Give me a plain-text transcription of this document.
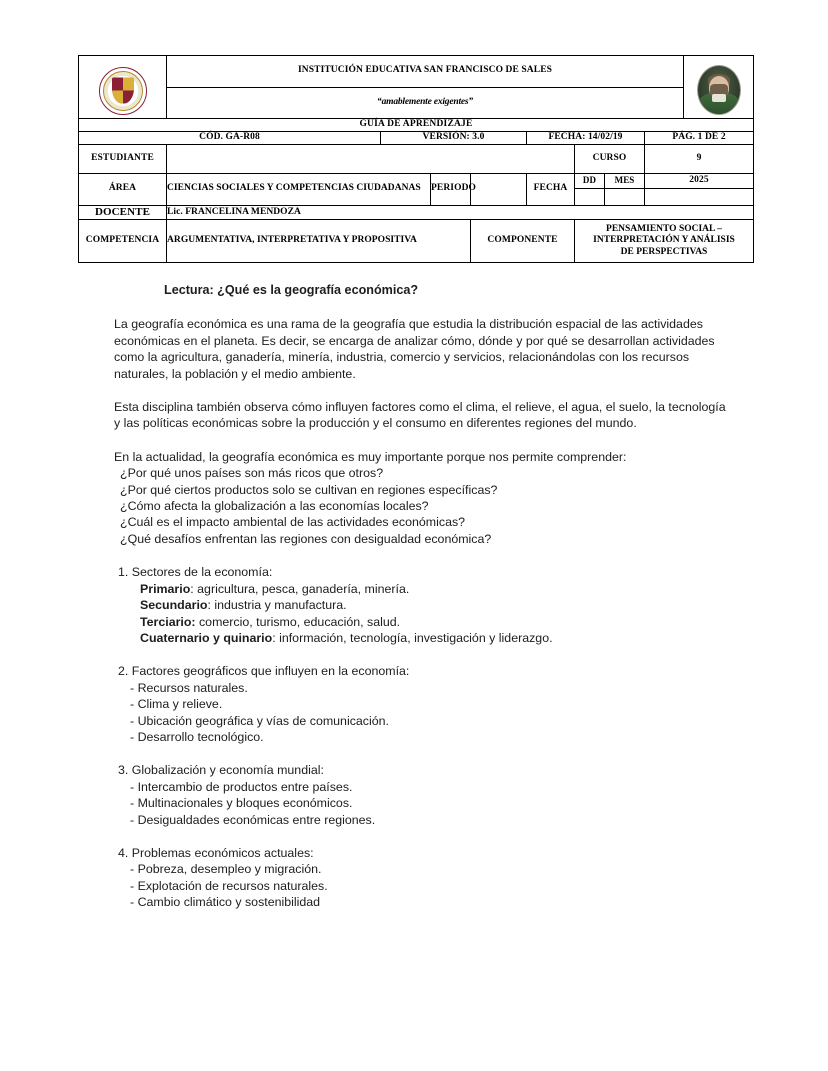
	INSTITUCIÓN EDUCATIVA SAN FRANCISCO DE SALES								

	“amablemente exigentes”								
GUÍA DE APRENDIZAJE									
CÓD. GA-R08		VERSIÓN: 3.0			FECHA: 14/02/19			PÁG. 1 DE 2	
ESTUDIANTE						CURSO		9	
ÁREA	CIENCIAS SOCIALES Y COMPETENCIAS CIUDADANAS		PERIODO		FECHA	DD	MES	2025	

DOCENTE	Lic. FRANCELINA MENDOZA								
COMPETENCIA	ARGUMENTATIVA, INTERPRETATIVA Y PROPOSITIVA			COMPONENTE		PENSAMIENTO SOCIAL –
INTERPRETACIÓN Y ANÁLISIS
DE PERSPECTIVAS			
Lectura: ¿Qué es la geografía económica?
La geografía económica es una rama de la geografía que estudia la distribución espacial de las actividades económicas en el planeta. Es decir, se encarga de analizar cómo, dónde y por qué se desarrollan actividades como la agricultura, ganadería, minería, industria, comercio y servicios, relacionándolas con los recursos naturales, la población y el medio ambiente.
Esta disciplina también observa cómo influyen factores como el clima, el relieve, el agua, el suelo, la tecnología y las políticas económicas sobre la producción y el consumo en diferentes regiones del mundo.
En la actualidad, la geografía económica es muy importante porque nos permite comprender:
¿Por qué unos países son más ricos que otros?
¿Por qué ciertos productos solo se cultivan en regiones específicas?
¿Cómo afecta la globalización a las economías locales?
¿Cuál es el impacto ambiental de las actividades económicas?
¿Qué desafíos enfrentan las regiones con desigualdad económica?
1. Sectores de la economía:
Primario: agricultura, pesca, ganadería, minería.
Secundario: industria y manufactura.
Terciario: comercio, turismo, educación, salud.
Cuaternario y quinario: información, tecnología, investigación y liderazgo.
2. Factores geográficos que influyen en la economía:
- Recursos naturales.
- Clima y relieve.
- Ubicación geográfica y vías de comunicación.
- Desarrollo tecnológico.
3. Globalización y economía mundial:
- Intercambio de productos entre países.
- Multinacionales y bloques económicos.
- Desigualdades económicas entre regiones.
4. Problemas económicos actuales:
- Pobreza, desempleo y migración.
- Explotación de recursos naturales.
- Cambio climático y sostenibilidad
